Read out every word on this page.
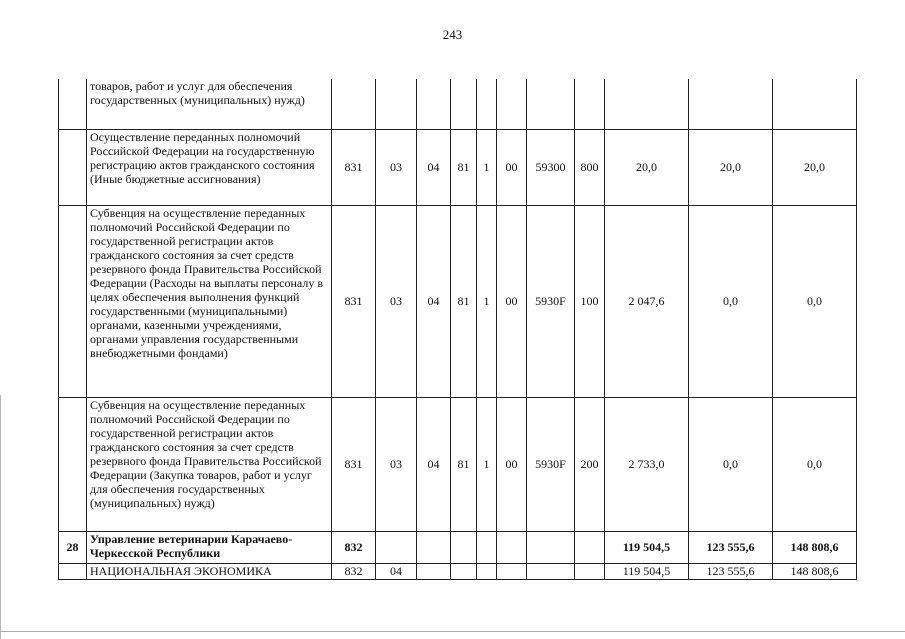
243
	товаров, работ и услуг для обеспечения государственных (муниципальных) нужд)											
	Осуществление переданных полномочий Российской Федерации на государственную регистрацию актов гражданского состояния (Иные бюджетные ассигнования)	831	03	04	81	1	00	59300	800	20,0	20,0	20,0
	Субвенция на осуществление переданных полномочий Российской Федерации по государственной регистрации актов гражданского состояния за счет средств резервного фонда Правительства Российской Федерации (Расходы на выплаты персоналу в целях обеспечения выполнения функций государственными (муниципальными) органами, казенными учреждениями, органами управления государственными внебюджетными фондами)	831	03	04	81	1	00	5930F	100	2 047,6	0,0	0,0
	Субвенция на осуществление переданных полномочий Российской Федерации по государственной регистрации актов гражданского состояния за счет средств резервного фонда Правительства Российской Федерации (Закупка товаров, работ и услуг для обеспечения государственных (муниципальных) нужд)	831	03	04	81	1	00	5930F	200	2 733,0	0,0	0,0
28	Управление ветеринарии Карачаево-Черкесской Республики	832								119 504,5	123 555,6	148 808,6
	НАЦИОНАЛЬНАЯ ЭКОНОМИКА	832	04							119 504,5	123 555,6	148 808,6
